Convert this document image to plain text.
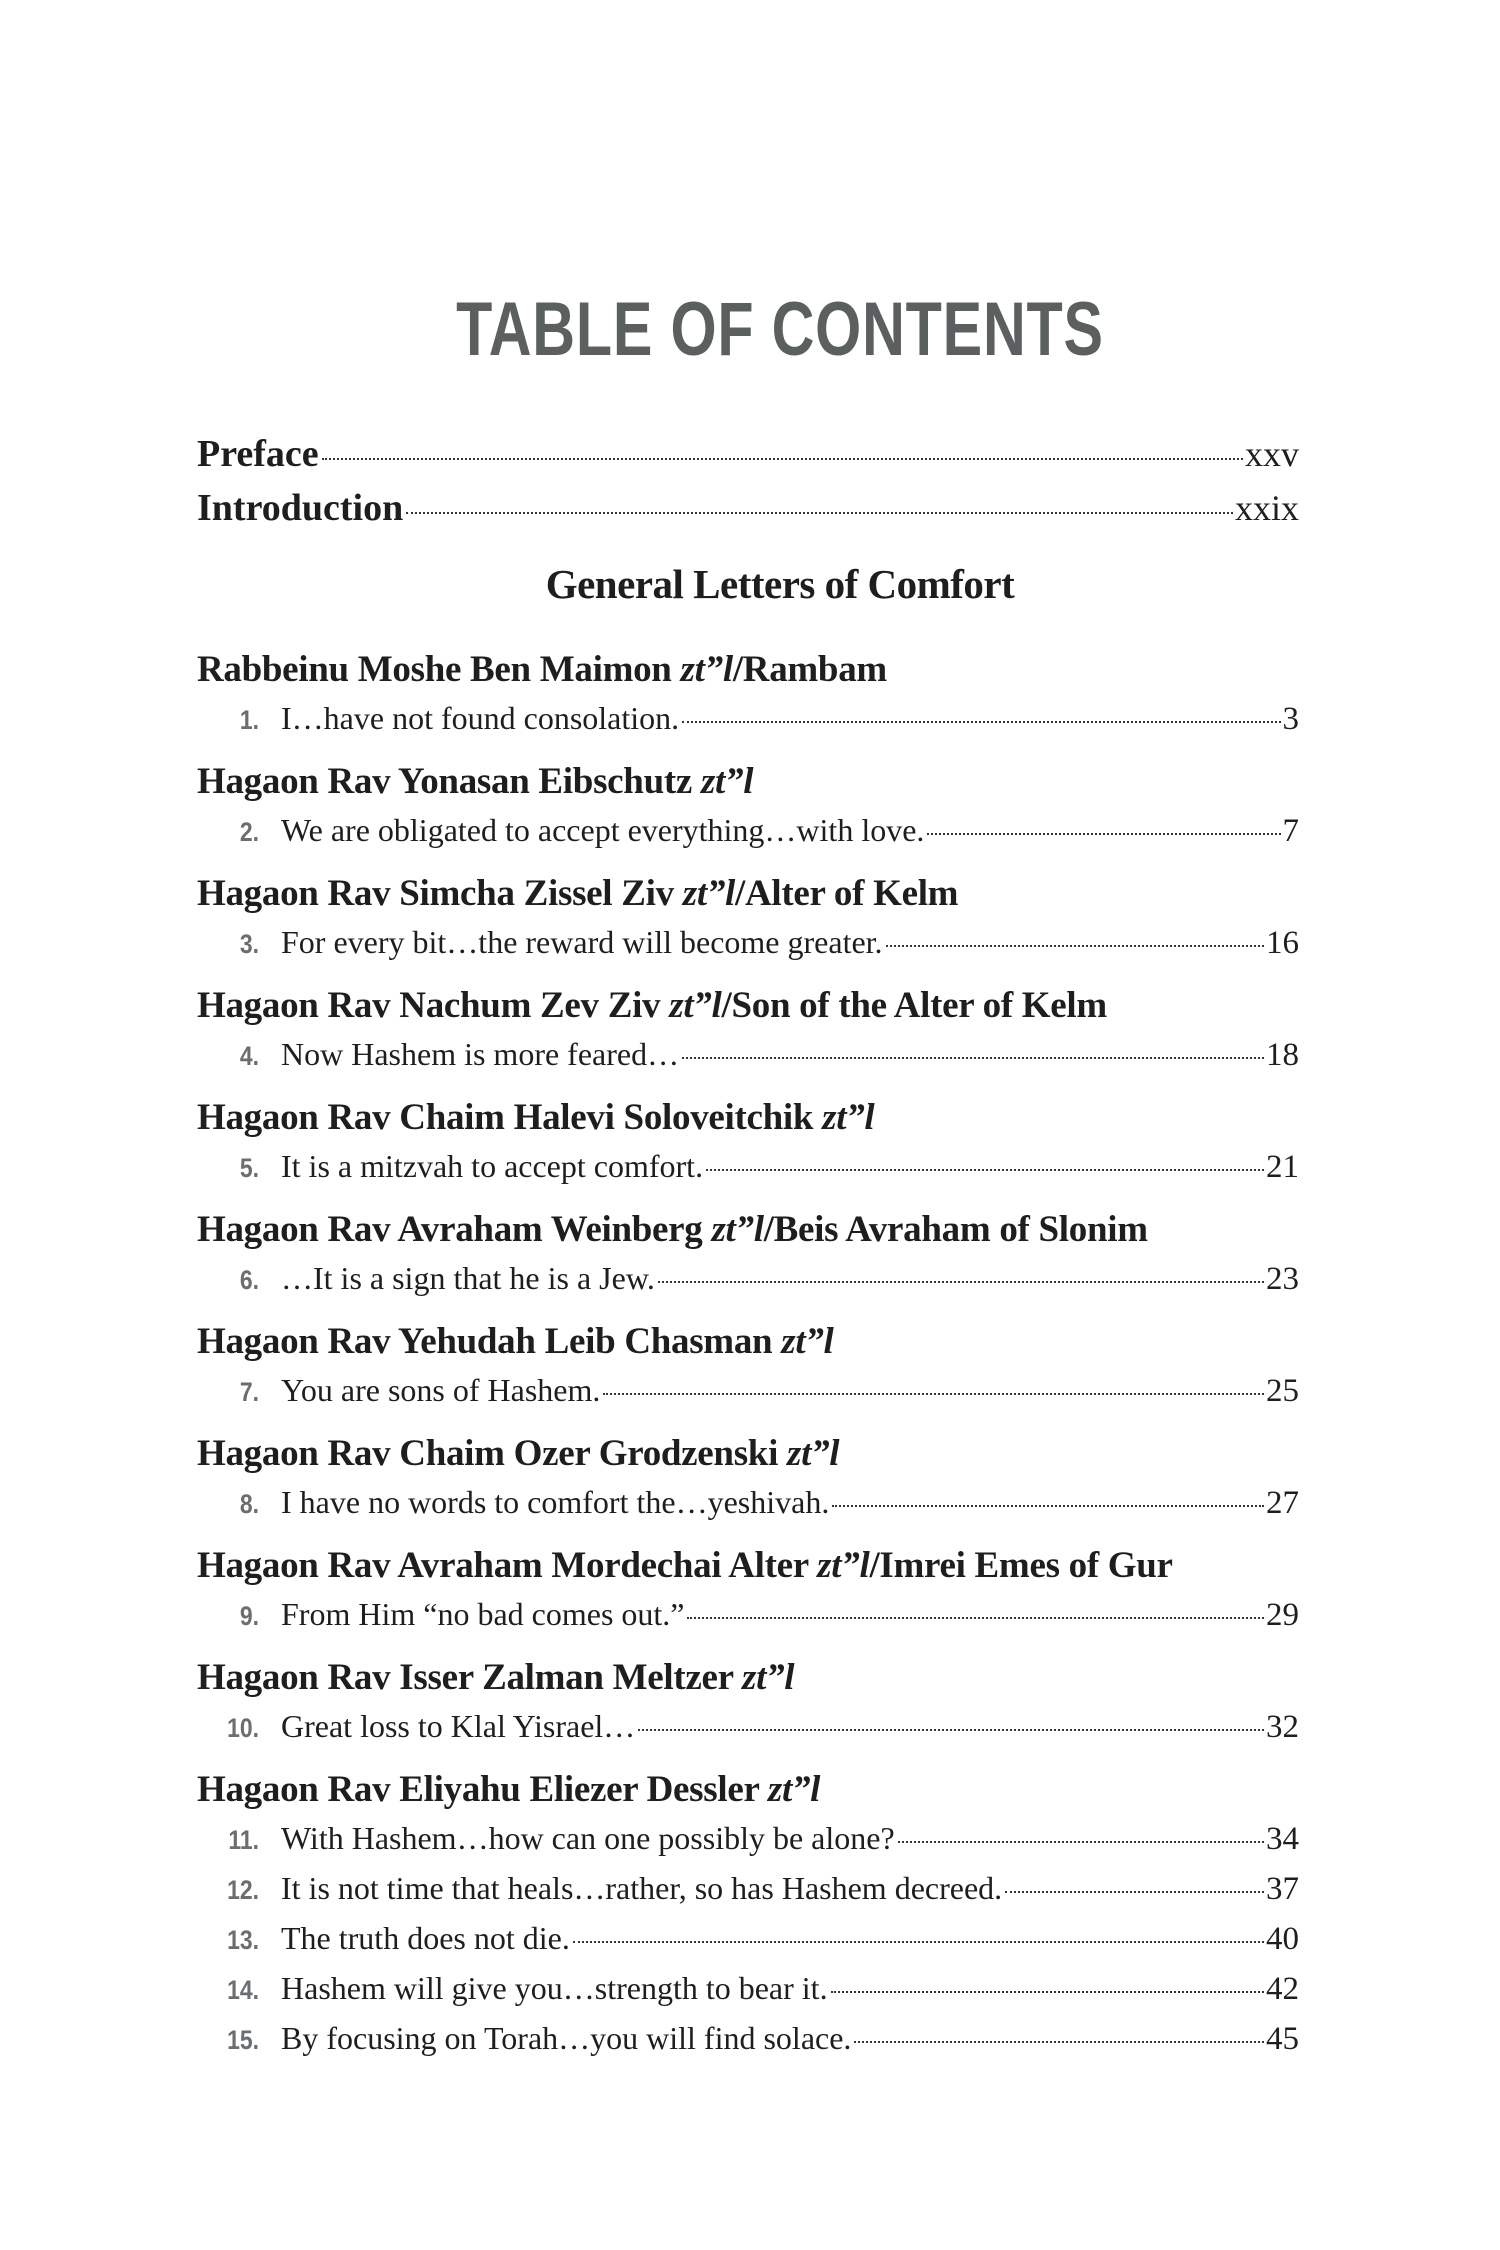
TABLE OF CONTENTS
Preface	xxv
Introduction	xxix
General Letters of Comfort
Rabbeinu Moshe Ben Maimon zt”l/Rambam
1. I…have not found consolation.	3
Hagaon Rav Yonasan Eibschutz zt”l
2. We are obligated to accept everything…with love.	7
Hagaon Rav Simcha Zissel Ziv zt”l/Alter of Kelm
3. For every bit…the reward will become greater.	16
Hagaon Rav Nachum Zev Ziv zt”l/Son of the Alter of Kelm
4. Now Hashem is more feared…	18
Hagaon Rav Chaim Halevi Soloveitchik zt”l
5. It is a mitzvah to accept comfort.	21
Hagaon Rav Avraham Weinberg zt”l/Beis Avraham of Slonim
6. …It is a sign that he is a Jew.	23
Hagaon Rav Yehudah Leib Chasman zt”l
7. You are sons of Hashem.	25
Hagaon Rav Chaim Ozer Grodzenski zt”l
8. I have no words to comfort the…yeshivah.	27
Hagaon Rav Avraham Mordechai Alter zt”l/Imrei Emes of Gur
9. From Him “no bad comes out.”	29
Hagaon Rav Isser Zalman Meltzer zt”l
10. Great loss to Klal Yisrael…	32
Hagaon Rav Eliyahu Eliezer Dessler zt”l
11. With Hashem…how can one possibly be alone?	34
12. It is not time that heals…rather, so has Hashem decreed.	37
13. The truth does not die.	40
14. Hashem will give you…strength to bear it.	42
15. By focusing on Torah…you will find solace.	45
